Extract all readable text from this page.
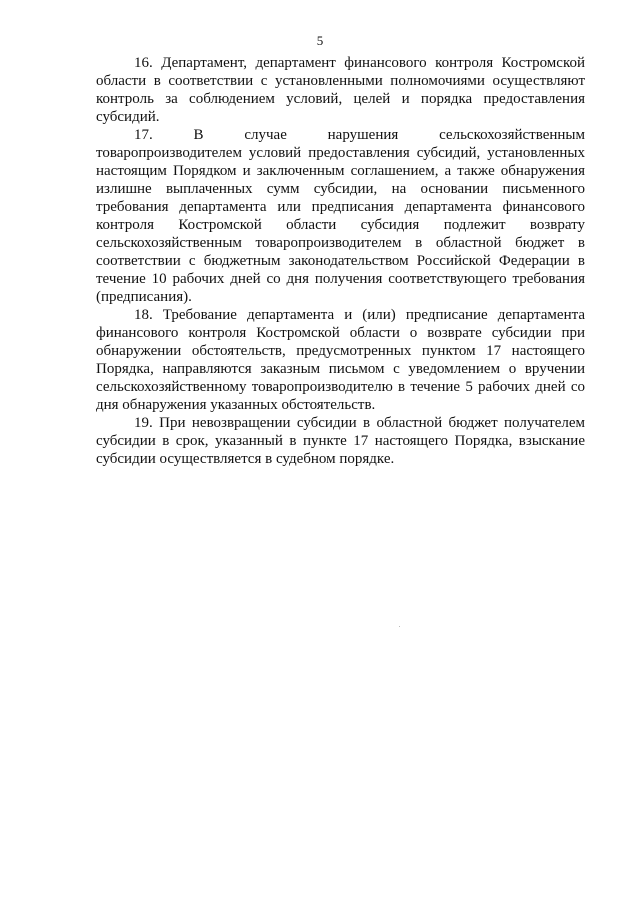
5

16. Департамент, департамент финансового контроля Костромской области в соответствии с установленными полномочиями осуществляют контроль за соблюдением условий, целей и порядка предоставления субсидий.

17. В случае нарушения сельскохозяйственным товаропроизводителем условий предоставления субсидий, установленных настоящим Порядком и заключенным соглашением, а также обнаружения излишне выплаченных сумм субсидии, на основании письменного требования департамента или предписания департамента финансового контроля Костромской области субсидия подлежит возврату сельскохозяйственным товаропроизводителем в областной бюджет в соответствии с бюджетным законодательством Российской Федерации в течение 10 рабочих дней со дня получения соответствующего требования (предписания).

18. Требование департамента и (или) предписание департамента финансового контроля Костромской области о возврате субсидии при обнаружении обстоятельств, предусмотренных пунктом 17 настоящего Порядка, направляются заказным письмом с уведомлением о вручении сельскохозяйственному товаропроизводителю в течение 5 рабочих дней со дня обнаружения указанных обстоятельств.

19. При невозвращении субсидии в областной бюджет получателем субсидии в срок, указанный в пункте 17 настоящего Порядка, взыскание субсидии осуществляется в судебном порядке.
